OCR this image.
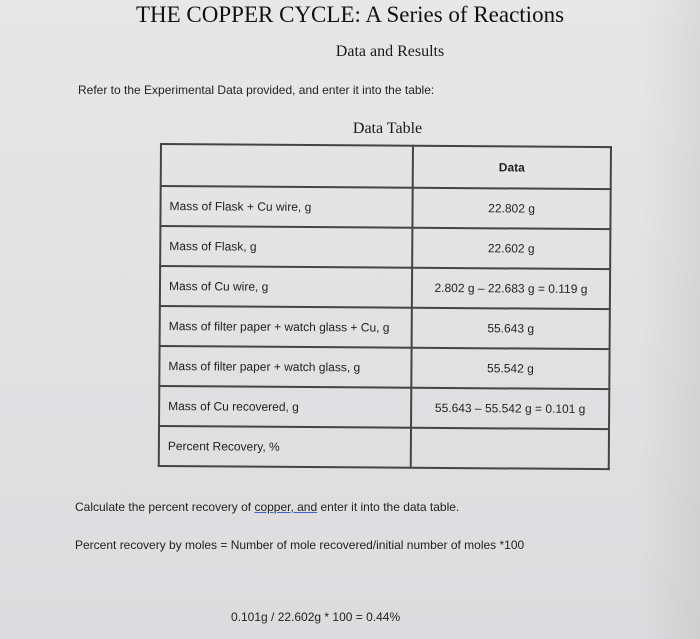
THE COPPER CYCLE: A Series of Reactions
Data and Results
Refer to the Experimental Data provided, and enter it into the table:
Data Table
	Data
Mass of Flask + Cu wire, g	22.802 g
Mass of Flask, g	22.602 g
Mass of Cu wire, g	2.802 g – 22.683 g = 0.119 g
Mass of filter paper + watch glass + Cu, g	55.643 g
Mass of filter paper + watch glass, g	55.542 g
Mass of Cu recovered, g	55.643 – 55.542 g = 0.101 g
Percent Recovery, %	
Calculate the percent recovery of copper, and enter it into the data table.
Percent recovery by moles = Number of mole recovered/initial number of moles *100
0.101g / 22.602g * 100 = 0.44%
